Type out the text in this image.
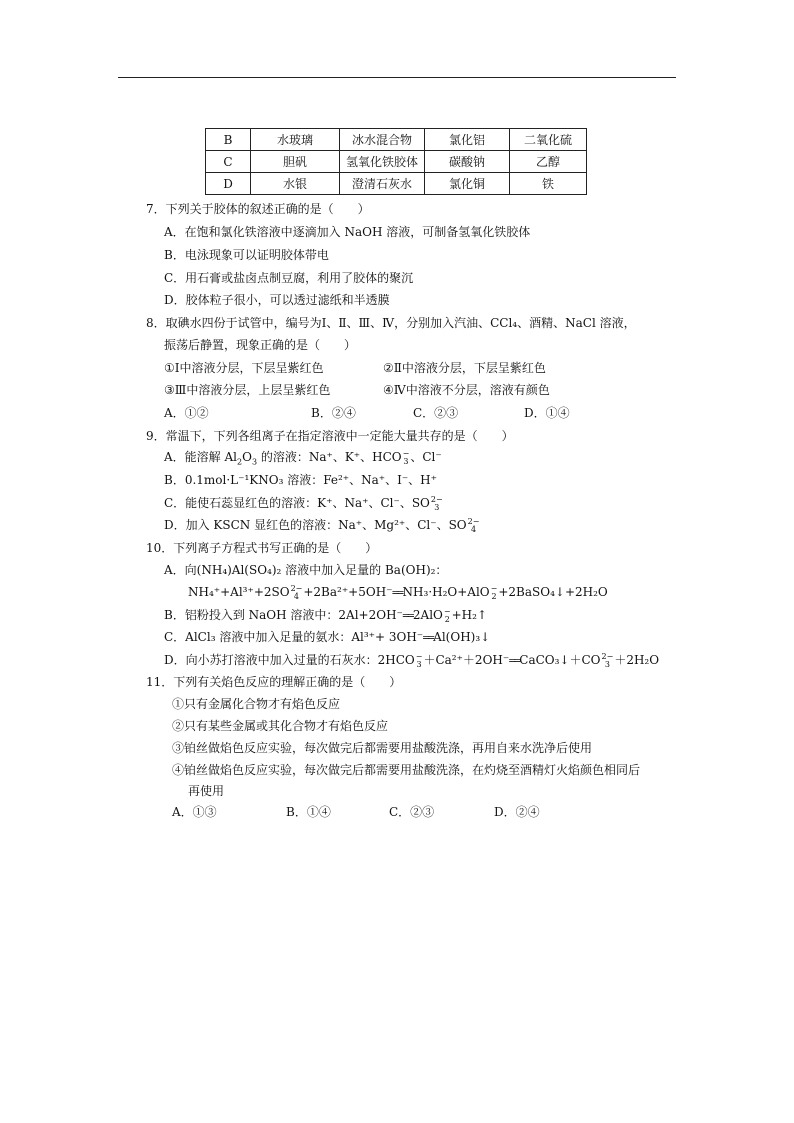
B	水玻璃	冰水混合物	氯化铝	二氧化硫
C	胆矾	氢氧化铁胶体	碳酸钠	乙醇
D	水银	澄清石灰水	氯化铜	铁
7．下列关于胶体的叙述正确的是（　　）
A．在饱和氯化铁溶液中逐滴加入 NaOH 溶液，可制备氢氧化铁胶体
B．电泳现象可以证明胶体带电
C．用石膏或盐卤点制豆腐，利用了胶体的聚沉
D．胶体粒子很小，可以透过滤纸和半透膜
8．取碘水四份于试管中，编号为Ⅰ、Ⅱ、Ⅲ、Ⅳ，分别加入汽油、CCl₄、酒精、NaCl 溶液，
振荡后静置，现象正确的是（　　）
①Ⅰ中溶液分层，下层呈紫红色	②Ⅱ中溶液分层，下层呈紫红色
③Ⅲ中溶液分层，上层呈紫红色	④Ⅳ中溶液不分层，溶液有颜色
A．①②	B．②④	C．②③	D．①④
9．常温下，下列各组离子在指定溶液中一定能大量共存的是（　　）
A．能溶解 $Al_2O_3$ 的溶液：Na⁺、K⁺、HCO −
3 、Cl⁻
B．0.1mol·L⁻¹KNO₃ 溶液：Fe²⁺、Na⁺、I⁻、H⁺
C．能使石蕊显红色的溶液：K⁺、Na⁺、Cl⁻、SO 2−
3
D．加入 KSCN 显红色的溶液：Na⁺、Mg²⁺、Cl⁻、SO 2−
4
10．下列离子方程式书写正确的是（　　）
A．向(NH₄)Al(SO₄)₂ 溶液中加入足量的 Ba(OH)₂：
NH₄⁺+Al³⁺+2SO 2−
4 +2Ba²⁺+5OH⁻══NH₃·H₂O+AlO −
2 +2BaSO₄↓+2H₂O
B．铝粉投入到 NaOH 溶液中：2Al+2OH⁻══2AlO −
2 +H₂↑
C．AlCl₃ 溶液中加入足量的氨水：Al³⁺+ 3OH⁻══Al(OH)₃↓
D．向小苏打溶液中加入过量的石灰水：2HCO −
3 ＋Ca²⁺＋2OH⁻══CaCO₃↓＋CO 2−
3 ＋2H₂O
11．下列有关焰色反应的理解正确的是（　　）
①只有金属化合物才有焰色反应
②只有某些金属或其化合物才有焰色反应
③铂丝做焰色反应实验，每次做完后都需要用盐酸洗涤，再用自来水洗净后使用
④铂丝做焰色反应实验，每次做完后都需要用盐酸洗涤，在灼烧至酒精灯火焰颜色相同后
再使用
A．①③	B．①④	C．②③	D．②④
